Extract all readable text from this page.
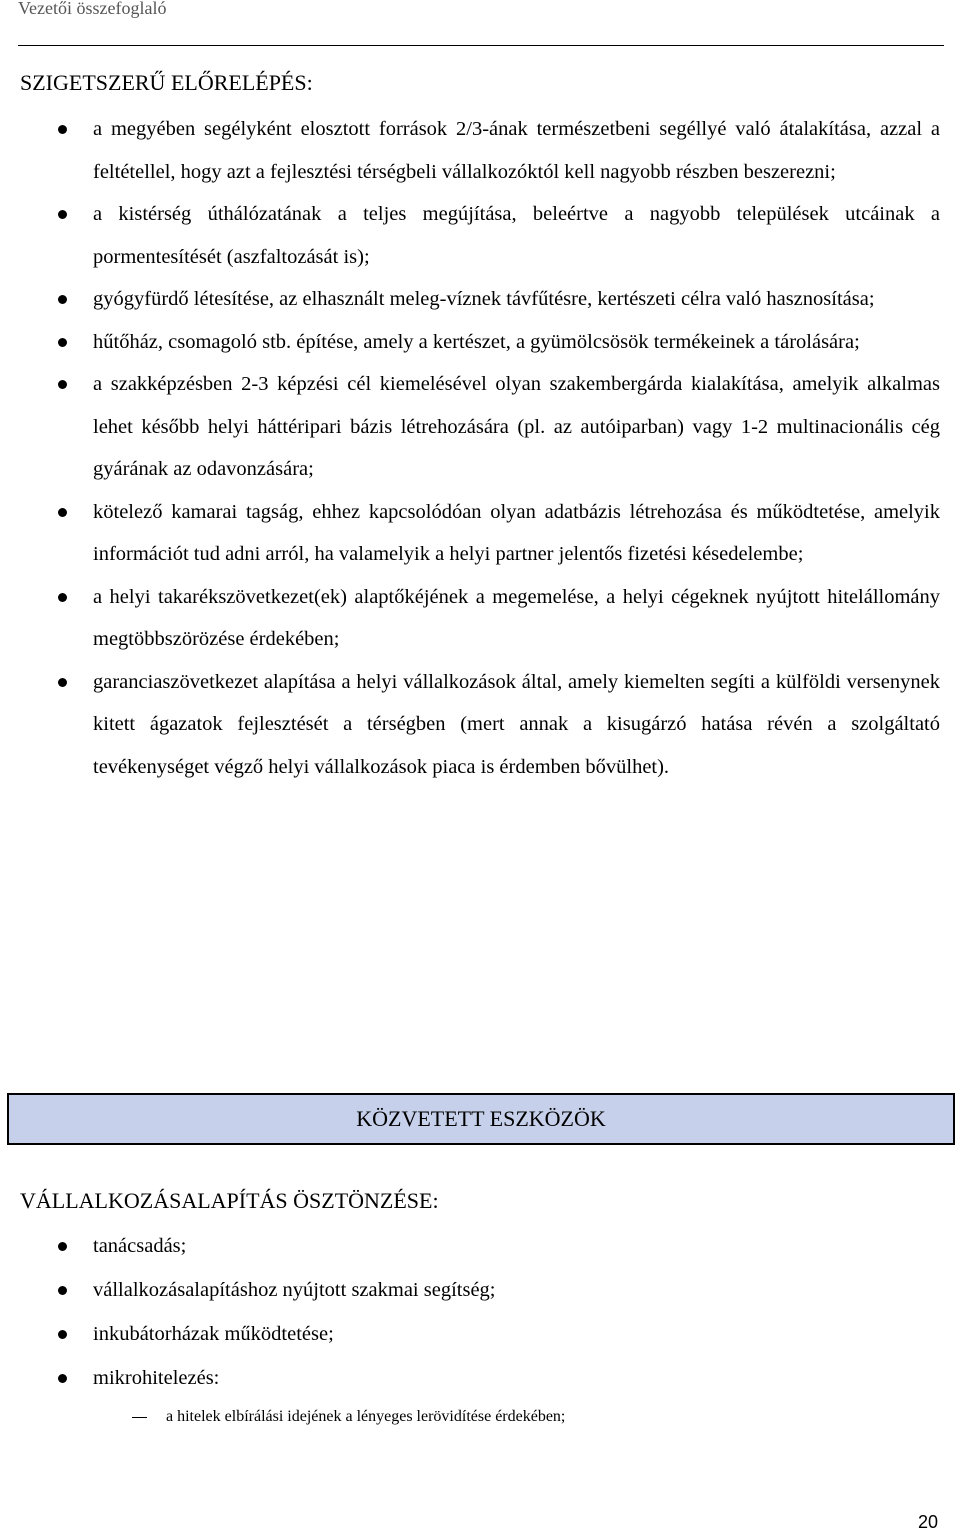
Vezetői összefoglaló
SZIGETSZERŰ ELŐRELÉPÉS:
a megyében segélyként elosztott források 2/3-ának természetbeni segéllyé való átalakítása, azzal a feltétellel, hogy azt a fejlesztési térségbeli vállalkozóktól kell nagyobb részben beszerezni;
a kistérség úthálózatának a teljes megújítása, beleértve a nagyobb települések utcáinak a pormentesítését (aszfaltozását is);
gyógyfürdő létesítése, az elhasznált meleg-víznek távfűtésre, kertészeti célra való hasznosítása;
hűtőház, csomagoló stb. építése, amely a kertészet, a gyümölcsösök termékeinek a tárolására;
a szakképzésben 2-3 képzési cél kiemelésével olyan szakembergárda kialakítása, amelyik alkalmas lehet később helyi háttéripari bázis létrehozására (pl. az autóiparban) vagy 1-2 multinacionális cég gyárának az odavonzására;
kötelező kamarai tagság, ehhez kapcsolódóan olyan adatbázis létrehozása és működtetése, amelyik információt tud adni arról, ha valamelyik a helyi partner jelentős fizetési késedelembe;
a helyi takarékszövetkezet(ek) alaptőkéjének a megemelése, a helyi cégeknek nyújtott hitelállomány megtöbbszörözése érdekében;
garanciaszövetkezet alapítása a helyi vállalkozások által, amely kiemelten segíti a külföldi versenynek kitett ágazatok fejlesztését a térségben (mert annak a kisugárzó hatása révén a szolgáltató tevékenységet végző helyi vállalkozások piaca is érdemben bővülhet).
KÖZVETETT ESZKÖZÖK
VÁLLALKOZÁSALAPÍTÁS ÖSZTÖNZÉSE:
tanácsadás;
vállalkozásalapításhoz nyújtott szakmai segítség;
inkubátorházak működtetése;
mikrohitelezés:
a hitelek elbírálási idejének a lényeges lerövidítése érdekében;
20
